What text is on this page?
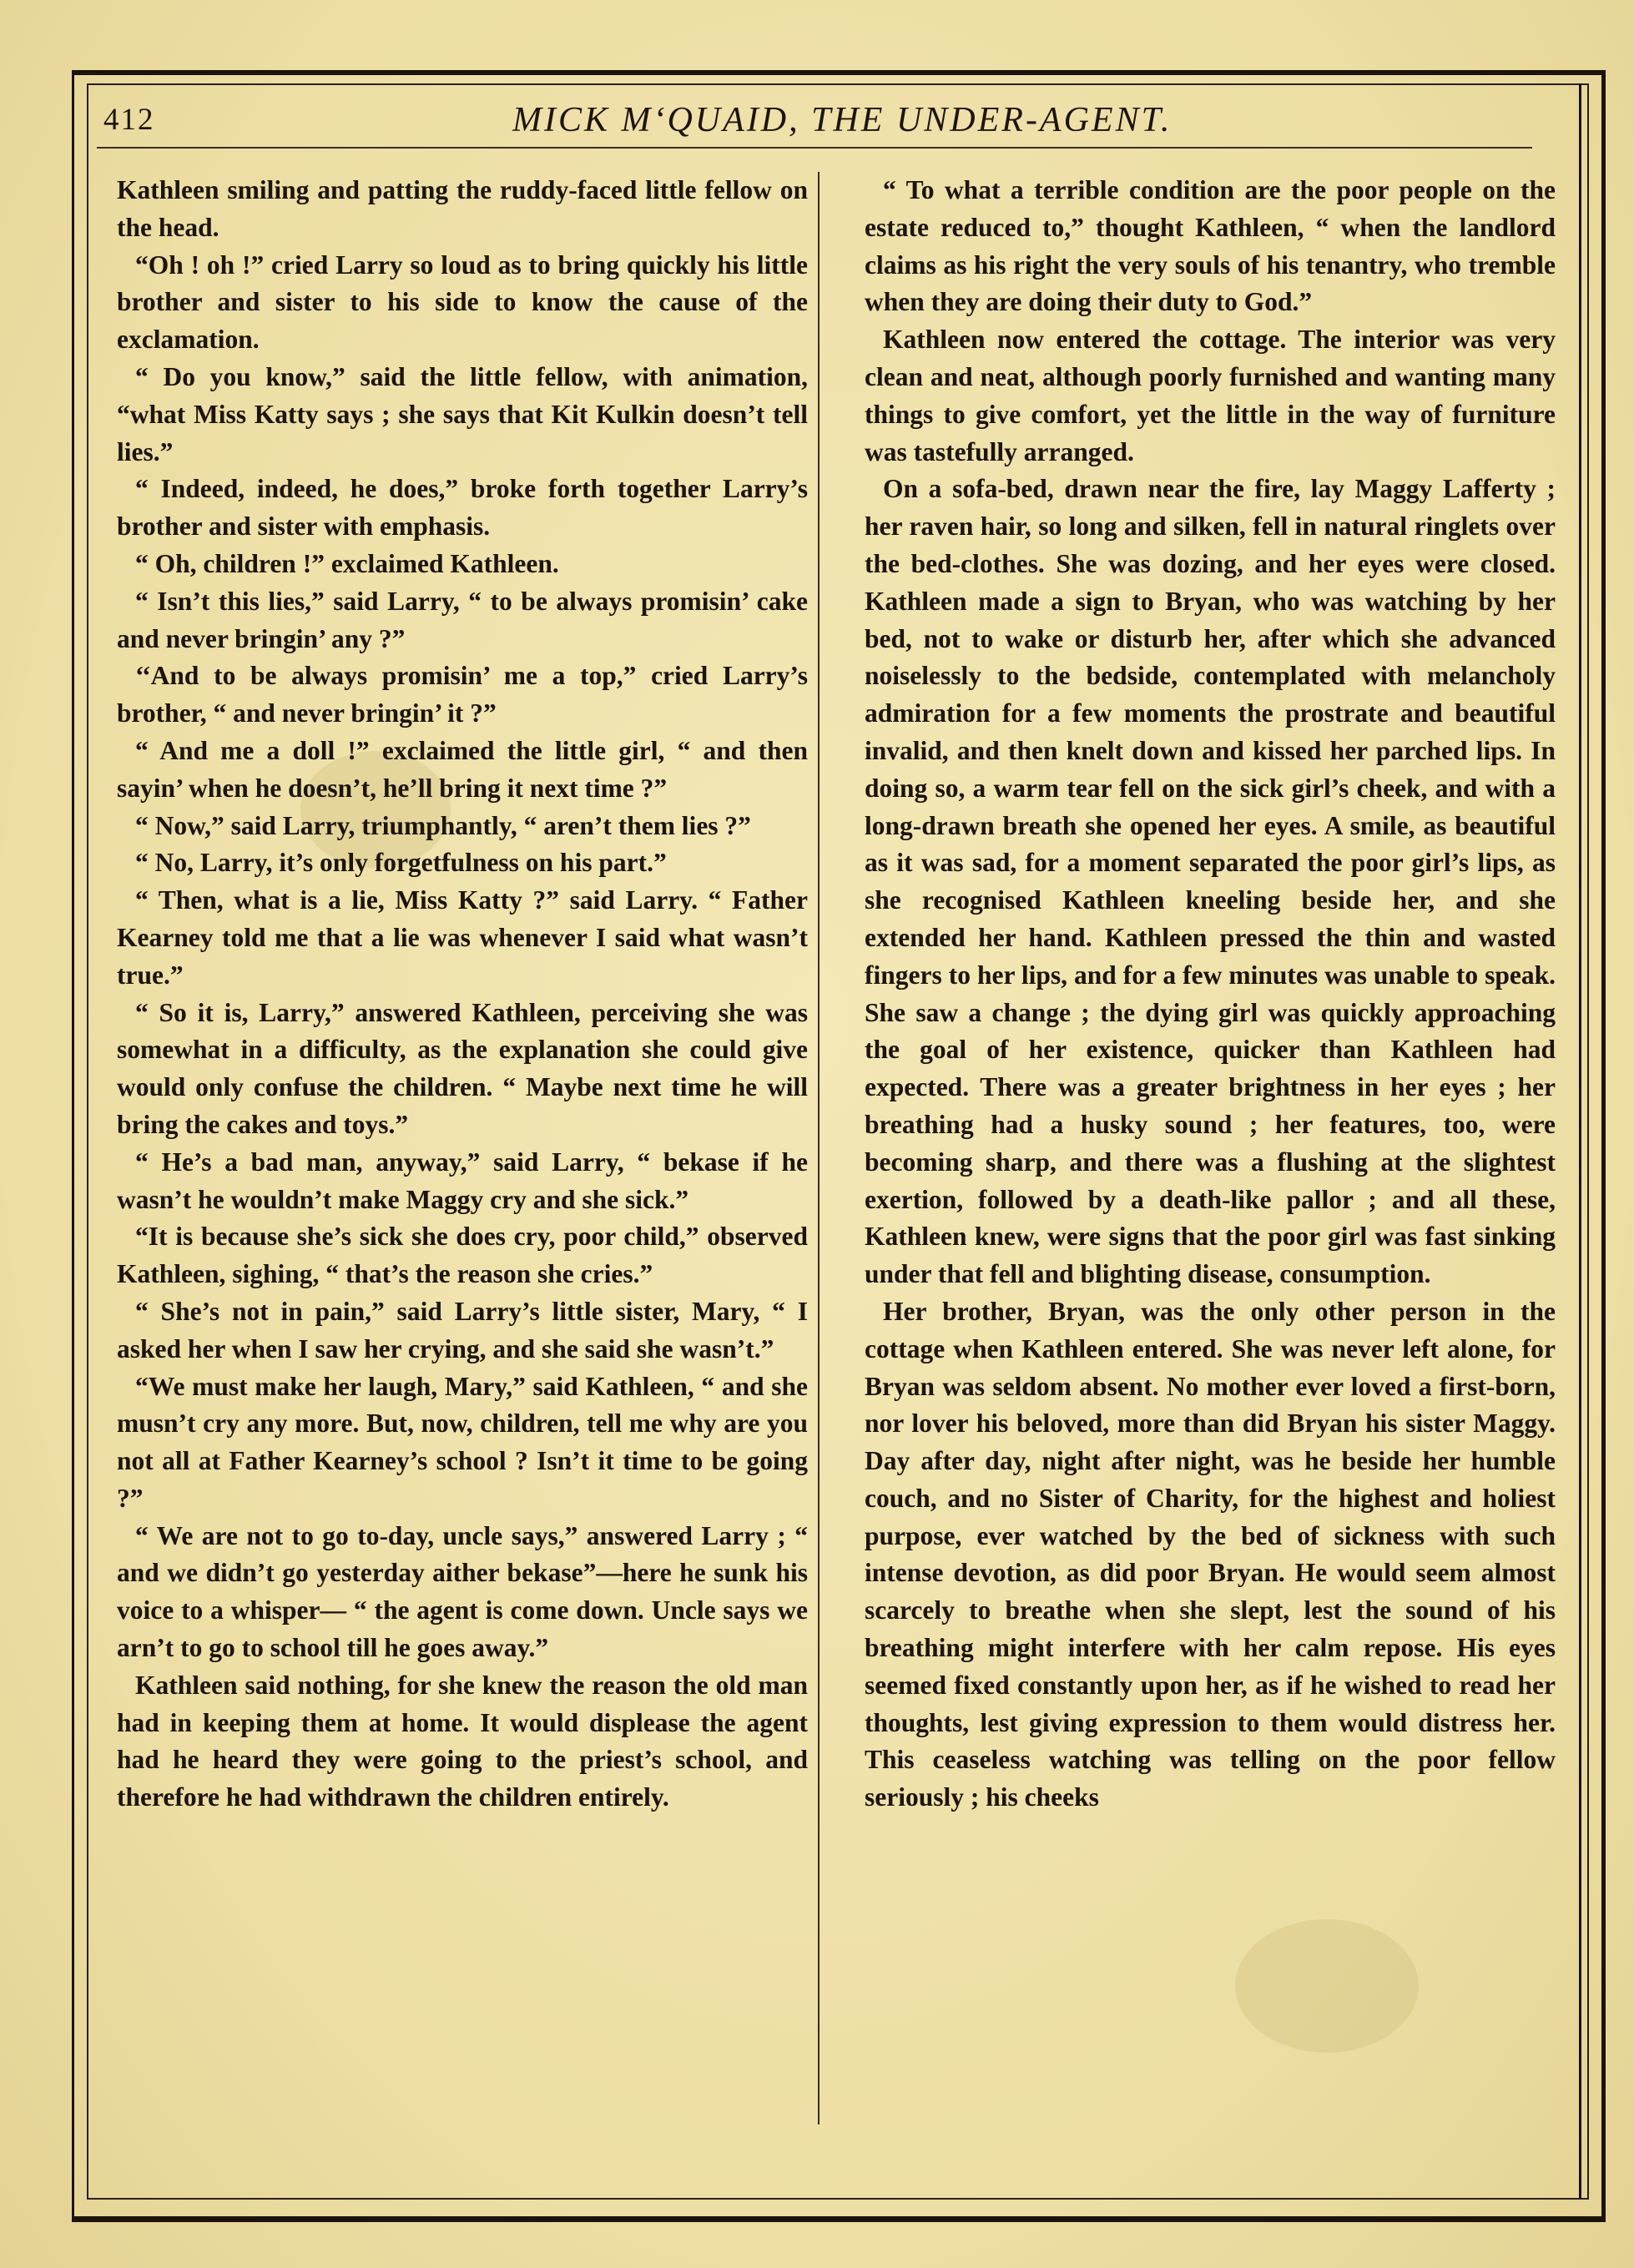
412	MICK M‘QUAID, THE UNDER-AGENT.

Kathleen smiling and patting the ruddy-faced little fellow on the head.

“Oh ! oh !” cried Larry so loud as to bring quickly his little brother and sister to his side to know the cause of the exclamation.

“ Do you know,” said the little fellow, with animation, “what Miss Katty says ; she says that Kit Kulkin doesn’t tell lies.”

“ Indeed, indeed, he does,” broke forth together Larry’s brother and sister with emphasis.

“ Oh, children !” exclaimed Kathleen.

“ Isn’t this lies,” said Larry, “ to be always promisin’ cake and never bringin’ any ?”

‘‘And to be always promisin’ me a top,” cried Larry’s brother, “ and never bringin’ it ?”

“ And me a doll !” exclaimed the little girl, “ and then sayin’ when he doesn’t, he’ll bring it next time ?”

“ Now,” said Larry, triumphantly, “ aren’t them lies ?”

“ No, Larry, it’s only forgetfulness on his part.”

“ Then, what is a lie, Miss Katty ?” said Larry. “ Father Kearney told me that a lie was whenever I said what wasn’t true.”

“ So it is, Larry,” answered Kathleen, perceiving she was somewhat in a difficulty, as the explanation she could give would only confuse the children. “ Maybe next time he will bring the cakes and toys.”

“ He’s a bad man, anyway,” said Larry, “ bekase if he wasn’t he wouldn’t make Maggy cry and she sick.”

“It is because she’s sick she does cry, poor child,” observed Kathleen, sighing, “ that’s the reason she cries.”

“ She’s not in pain,” said Larry’s little sister, Mary, “ I asked her when I saw her crying, and she said she wasn’t.”

“We must make her laugh, Mary,” said Kathleen, “ and she musn’t cry any more. But, now, children, tell me why are you not all at Father Kearney’s school ? Isn’t it time to be going ?”

“ We are not to go to-day, uncle says,” answered Larry ; “ and we didn’t go yesterday aither bekase”—here he sunk his voice to a whisper— “ the agent is come down. Uncle says we arn’t to go to school till he goes away.”

Kathleen said nothing, for she knew the reason the old man had in keeping them at home. It would displease the agent had he heard they were going to the priest’s school, and therefore he had withdrawn the children entirely.

“ To what a terrible condition are the poor people on the estate reduced to,” thought Kathleen, “ when the landlord claims as his right the very souls of his tenantry, who tremble when they are doing their duty to God.”

Kathleen now entered the cottage. The interior was very clean and neat, although poorly furnished and wanting many things to give comfort, yet the little in the way of furniture was tastefully arranged.

On a sofa-bed, drawn near the fire, lay Maggy Lafferty ; her raven hair, so long and silken, fell in natural ringlets over the bed-clothes. She was dozing, and her eyes were closed. Kathleen made a sign to Bryan, who was watching by her bed, not to wake or disturb her, after which she advanced noiselessly to the bedside, contemplated with melancholy admiration for a few moments the prostrate and beautiful invalid, and then knelt down and kissed her parched lips. In doing so, a warm tear fell on the sick girl’s cheek, and with a long-drawn breath she opened her eyes. A smile, as beautiful as it was sad, for a moment separated the poor girl’s lips, as she recognised Kathleen kneeling beside her, and she extended her hand. Kathleen pressed the thin and wasted fingers to her lips, and for a few minutes was unable to speak. She saw a change ; the dying girl was quickly approaching the goal of her existence, quicker than Kathleen had expected. There was a greater brightness in her eyes ; her breathing had a husky sound ; her features, too, were becoming sharp, and there was a flushing at the slightest exertion, followed by a death-like pallor ; and all these, Kathleen knew, were signs that the poor girl was fast sinking under that fell and blighting disease, consumption.

Her brother, Bryan, was the only other person in the cottage when Kathleen entered. She was never left alone, for Bryan was seldom absent. No mother ever loved a first-born, nor lover his beloved, more than did Bryan his sister Maggy. Day after day, night after night, was he beside her humble couch, and no Sister of Charity, for the highest and holiest purpose, ever watched by the bed of sickness with such intense devotion, as did poor Bryan. He would seem almost scarcely to breathe when she slept, lest the sound of his breathing might interfere with her calm repose. His eyes seemed fixed constantly upon her, as if he wished to read her thoughts, lest giving expression to them would distress her. This ceaseless watching was telling on the poor fellow seriously ; his cheeks
